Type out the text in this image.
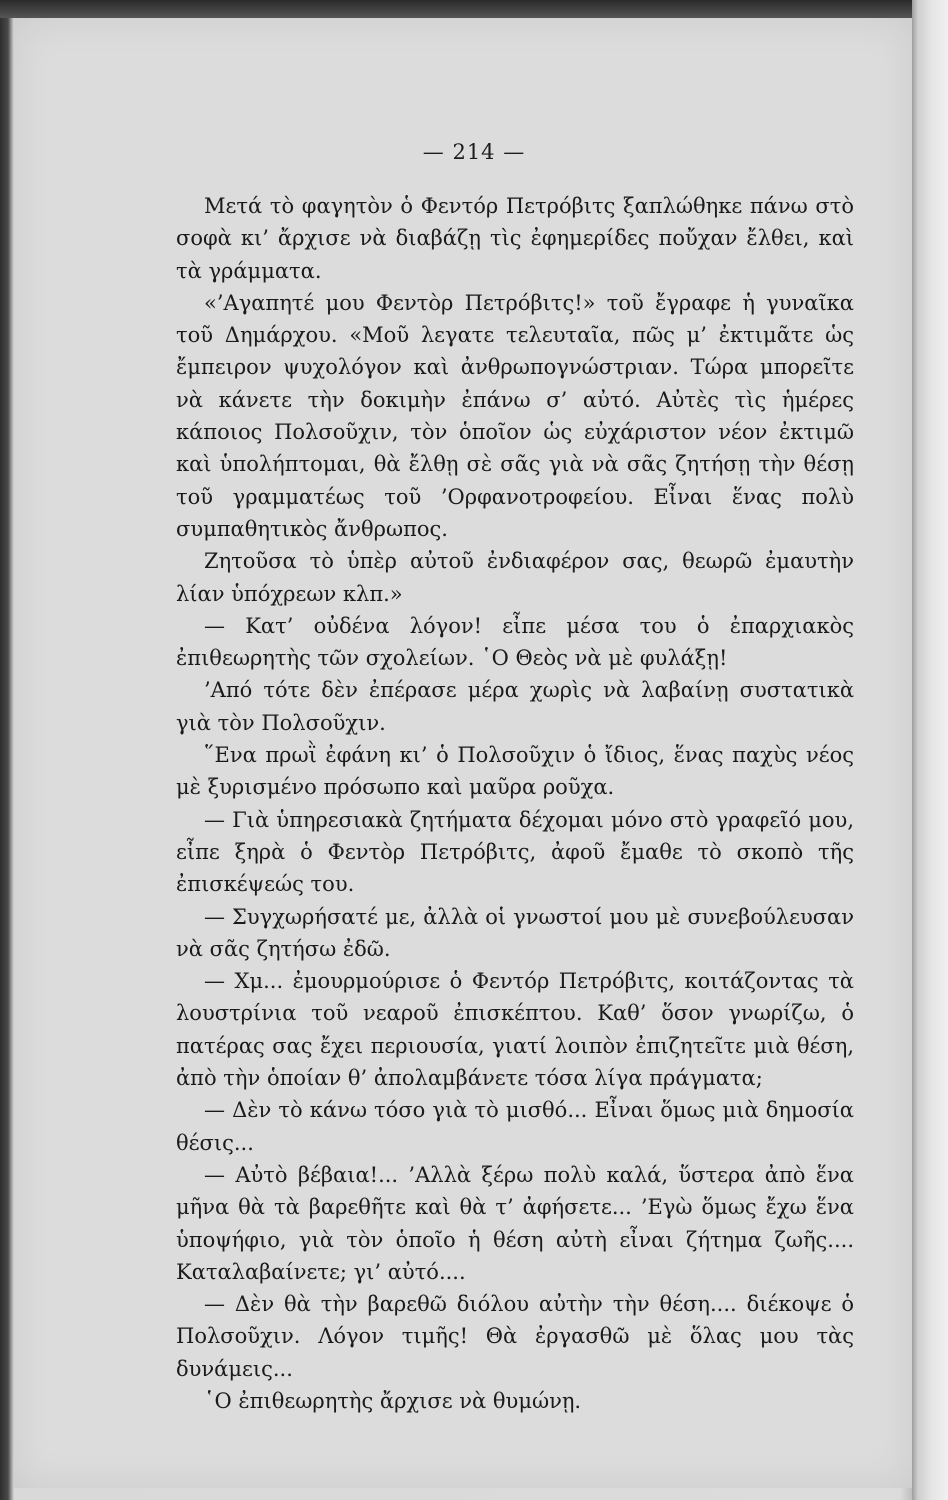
— 214 —

Μετά τὸ φαγητὸν ὁ Φεντόρ Πετρόβιτς ξαπλώθηκε πάνω στὸ σοφὰ κι’ ἄρχισε νὰ διαβάζῃ τὶς ἐφημερίδες ποὔχαν ἔλθει, καὶ τὰ γράμματα.

«’Αγαπητέ μου Φεντὸρ Πετρόβιτς!» τοῦ ἔγραφε ἡ γυναῖκα τοῦ Δημάρχου. «Μοῦ λεγατε τελευταῖα, πῶς μ’ ἐκτιμᾶτε ὡς ἔμπειρον ψυχολόγον καὶ ἀνθρωπογνώστριαν. Τώρα μπορεῖτε νὰ κάνετε τὴν δοκιμὴν ἐπάνω σ’ αὐτό. Αὐτὲς τὶς ἡμέρες κάποιος Πολσοῦχιν, τὸν ὁποῖον ὡς εὐχάριστον νέον ἐκτιμῶ καὶ ὑπολήπτομαι, θὰ ἔλθῃ σὲ σᾶς γιὰ νὰ σᾶς ζητήσῃ τὴν θέσῃ τοῦ γραμματέως τοῦ ’Ορφανοτροφείου. Εἶναι ἕνας πολὺ συμπαθητικὸς ἄνθρωπος.

Ζητοῦσα τὸ ὑπὲρ αὐτοῦ ἐνδιαφέρον σας, θεωρῶ ἐμαυτὴν λίαν ὑπόχρεων κλπ.»

— Κατ’ οὐδένα λόγον! εἶπε μέσα του ὁ ἐπαρχιακὸς ἐπιθεωρητὴς τῶν σχολείων. ῾Ο Θεὸς νὰ μὲ φυλάξῃ!

’Από τότε δὲν ἐπέρασε μέρα χωρὶς νὰ λαβαίνῃ συστατικὰ γιὰ τὸν Πολσοῦχιν.

῞Ενα πρωῒ ἐφάνη κι’ ὁ Πολσοῦχιν ὁ ἴδιος, ἕνας παχὺς νέος μὲ ξυρισμένο πρόσωπο καὶ μαῦρα ροῦχα.

— Γιὰ ὑπηρεσιακὰ ζητήματα δέχομαι μόνο στὸ γραφεῖό μου, εἶπε ξηρὰ ὁ Φεντὸρ Πετρόβιτς, ἀφοῦ ἔμαθε τὸ σκοπὸ τῆς ἐπισκέψεώς του.

— Συγχωρήσατέ με, ἀλλὰ οἱ γνωστοί μου μὲ συνεβούλευσαν νὰ σᾶς ζητήσω ἐδῶ.

— Χμ... ἐμουρμούρισε ὁ Φεντόρ Πετρόβιτς, κοιτάζοντας τὰ λουστρίνια τοῦ νεαροῦ ἐπισκέπτου. Καθ’ ὅσον γνωρίζω, ὁ πατέρας σας ἔχει περιουσία, γιατί λοιπὸν ἐπιζητεῖτε μιὰ θέση, ἀπὸ τὴν ὁποίαν θ’ ἀπολαμβάνετε τόσα λίγα πράγματα;

— Δὲν τὸ κάνω τόσο γιὰ τὸ μισθό... Εἶναι ὅμως μιὰ δημοσία θέσις...

— Αὐτὸ βέβαια!... ’Αλλὰ ξέρω πολὺ καλά, ὕστερα ἀπὸ ἕνα μῆνα θὰ τὰ βαρεθῆτε καὶ θὰ τ’ ἀφήσετε... ’Εγὼ ὅμως ἔχω ἕνα ὑποψήφιο, γιὰ τὸν ὁποῖο ἡ θέση αὐτὴ εἶναι ζήτημα ζωῆς.... Καταλαβαίνετε; γι’ αὐτό....

— Δὲν θὰ τὴν βαρεθῶ διόλου αὐτὴν τὴν θέση.... διέκοψε ὁ Πολσοῦχιν. Λόγον τιμῆς! Θὰ ἐργασθῶ μὲ ὅλας μου τὰς δυνάμεις...

῾Ο ἐπιθεωρητὴς ἄρχισε νὰ θυμώνῃ.
